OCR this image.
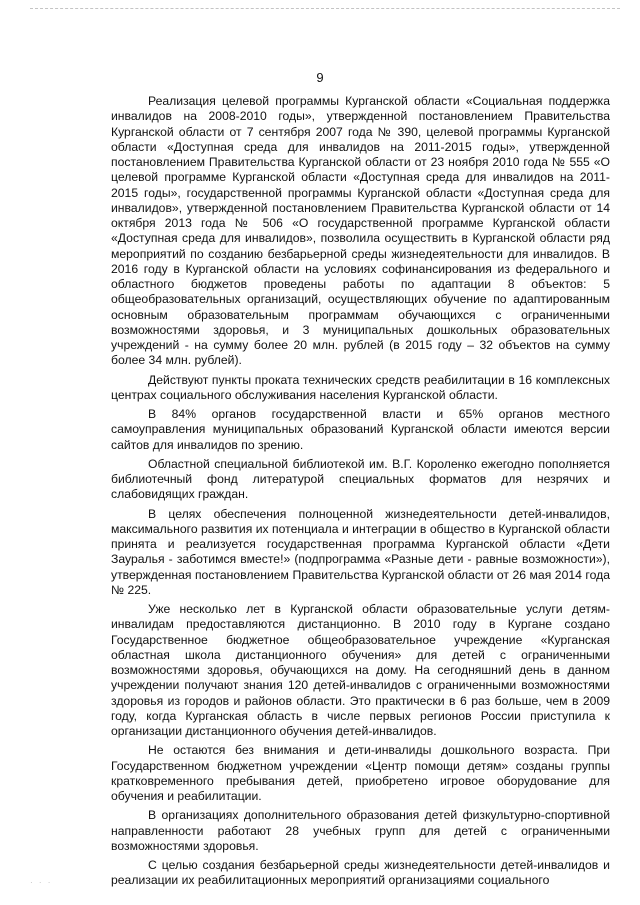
9

Реализация целевой программы Курганской области «Социальная поддержка инвалидов на 2008-2010 годы», утвержденной постановлением Правительства Курганской области от 7 сентября 2007 года № 390, целевой программы Курганской области «Доступная среда для инвалидов на 2011-2015 годы», утвержденной постановлением Правительства Курганской области от 23 ноября 2010 года № 555 «О целевой программе Курганской области «Доступная среда для инвалидов на 2011-2015 годы», государственной программы Курганской области «Доступная среда для инвалидов», утвержденной постановлением Правительства Курганской области от 14 октября 2013 года № 506 «О государственной программе Курганской области «Доступная среда для инвалидов», позволила осуществить в Курганской области ряд мероприятий по созданию безбарьерной среды жизнедеятельности для инвалидов. В 2016 году в Курганской области на условиях софинансирования из федерального и областного бюджетов проведены работы по адаптации 8 объектов: 5 общеобразовательных организаций, осуществляющих обучение по адаптированным основным образовательным программам обучающихся с ограниченными возможностями здоровья, и 3 муниципальных дошкольных образовательных учреждений - на сумму более 20 млн. рублей (в 2015 году – 32 объектов на сумму более 34 млн. рублей).

Действуют пункты проката технических средств реабилитации в 16 комплексных центрах социального обслуживания населения Курганской области.

В 84% органов государственной власти и 65% органов местного самоуправления муниципальных образований Курганской области имеются версии сайтов для инвалидов по зрению.

Областной специальной библиотекой им. В.Г. Короленко ежегодно пополняется библиотечный фонд литературой специальных форматов для незрячих и слабовидящих граждан.

В целях обеспечения полноценной жизнедеятельности детей-инвалидов, максимального развития их потенциала и интеграции в общество в Курганской области принята и реализуется государственная программа Курганской области «Дети Зауралья - заботимся вместе!» (подпрограмма «Разные дети - равные возможности»), утвержденная постановлением Правительства Курганской области от 26 мая 2014 года № 225.

Уже несколько лет в Курганской области образовательные услуги детям-инвалидам предоставляются дистанционно. В 2010 году в Кургане создано Государственное бюджетное общеобразовательное учреждение «Курганская областная школа дистанционного обучения» для детей с ограниченными возможностями здоровья, обучающихся на дому. На сегодняшний день в данном учреждении получают знания 120 детей-инвалидов с ограниченными возможностями здоровья из городов и районов области. Это практически в 6 раз больше, чем в 2009 году, когда Курганская область в числе первых регионов России приступила к организации дистанционного обучения детей-инвалидов.

Не остаются без внимания и дети-инвалиды дошкольного возраста. При Государственном бюджетном учреждении «Центр помощи детям» созданы группы кратковременного пребывания детей, приобретено игровое оборудование для обучения и реабилитации.

В организациях дополнительного образования детей физкультурно-спортивной направленности работают 28 учебных групп для детей с ограниченными возможностями здоровья.

С целью создания безбарьерной среды жизнедеятельности детей-инвалидов и реализации их реабилитационных мероприятий организациями социального

· · ·
